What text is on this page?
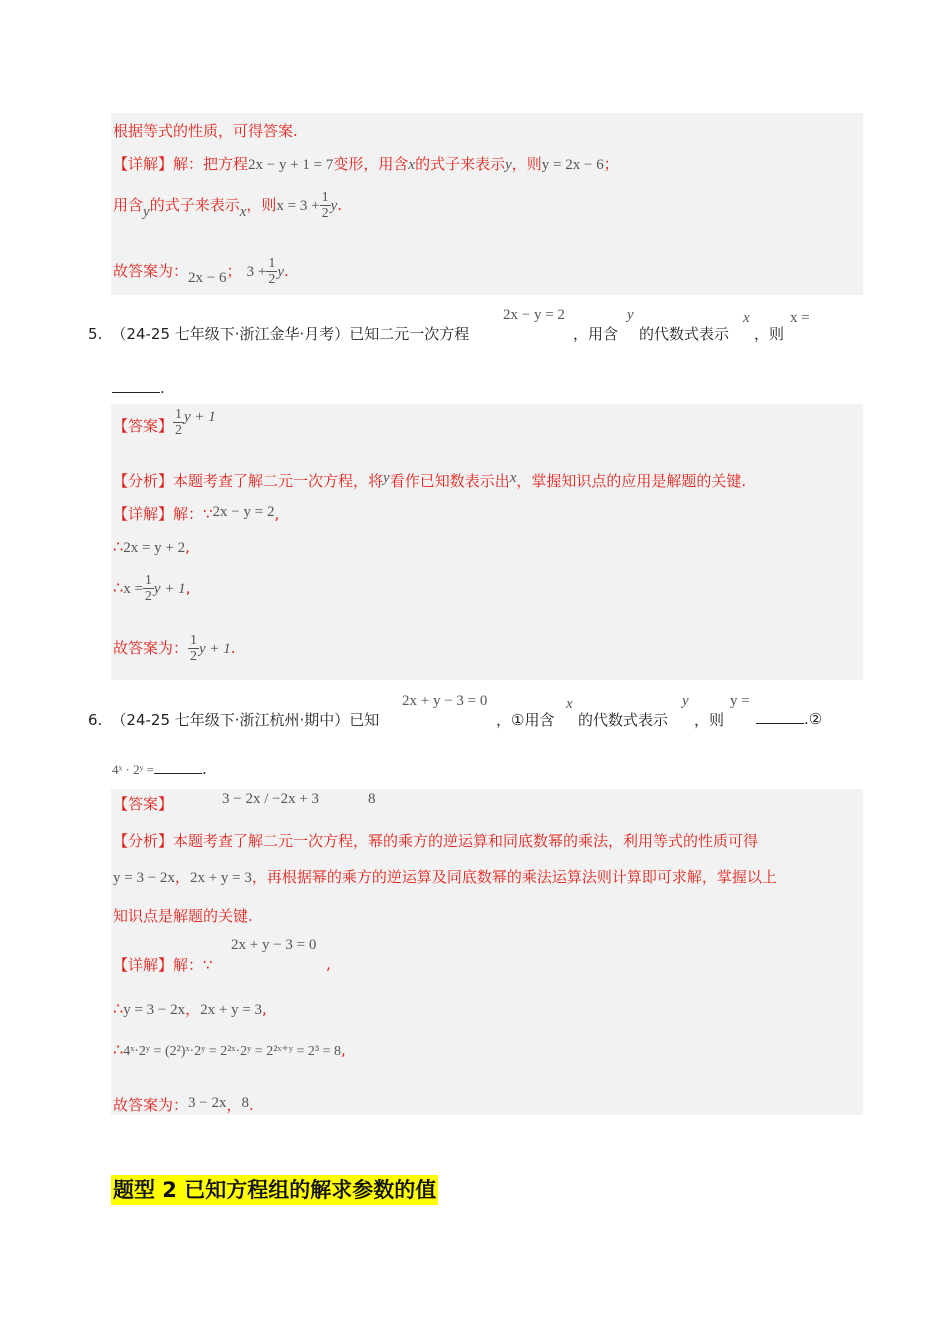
根据等式的性质，可得答案.
【详解】解：把方程2x − y + 1 = 7变形，用含x的式子来表示y，则y = 2x − 6；
用含y的式子来表示x，则$x = 3 + \frac{1}{2} y$.
故答案为：2x − 6； $3 + \frac{1}{2} y$.
5. （24-25 七年级下·浙江金华·月考）已知二元一次方程
2x − y = 2
，用含
y
的代数式表示
x
，则
x =
.
【答案】 $\frac{1}{2}$ y + 1
【分析】本题考查了解二元一次方程，将y看作已知数表示出x，掌握知识点的应用是解题的关键.
【详解】解：∵2x − y = 2,
∴2x = y + 2,
∴x = $\frac{1}{2}$ y + 1,
故答案为： $\frac{1}{2}$ y + 1.
6. （24-25 七年级下·浙江杭州·期中）已知
2x + y − 3 = 0
，①用含
x
的代数式表示
y
，则
y =
.②
4ˣ · 2ʸ =	.
【答案】	3 − 2x / −2x + 3	8
【分析】本题考查了解二元一次方程，幂的乘方的逆运算和同底数幂的乘法，利用等式的性质可得
y = 3 − 2x，2x + y = 3，再根据幂的乘方的逆运算及同底数幂的乘法运算法则计算即可求解，掌握以上
知识点是解题的关键.
2x + y − 3 = 0
【详解】解：∵	,
∴y = 3 − 2x，2x + y = 3,
∴4ˣ·2ʸ = (2²)ˣ·2ʸ = 2²ˣ·2ʸ = 2²ˣ⁺ʸ = 2³ = 8,
故答案为：3 − 2x，8.
题型 2 已知方程组的解求参数的值
